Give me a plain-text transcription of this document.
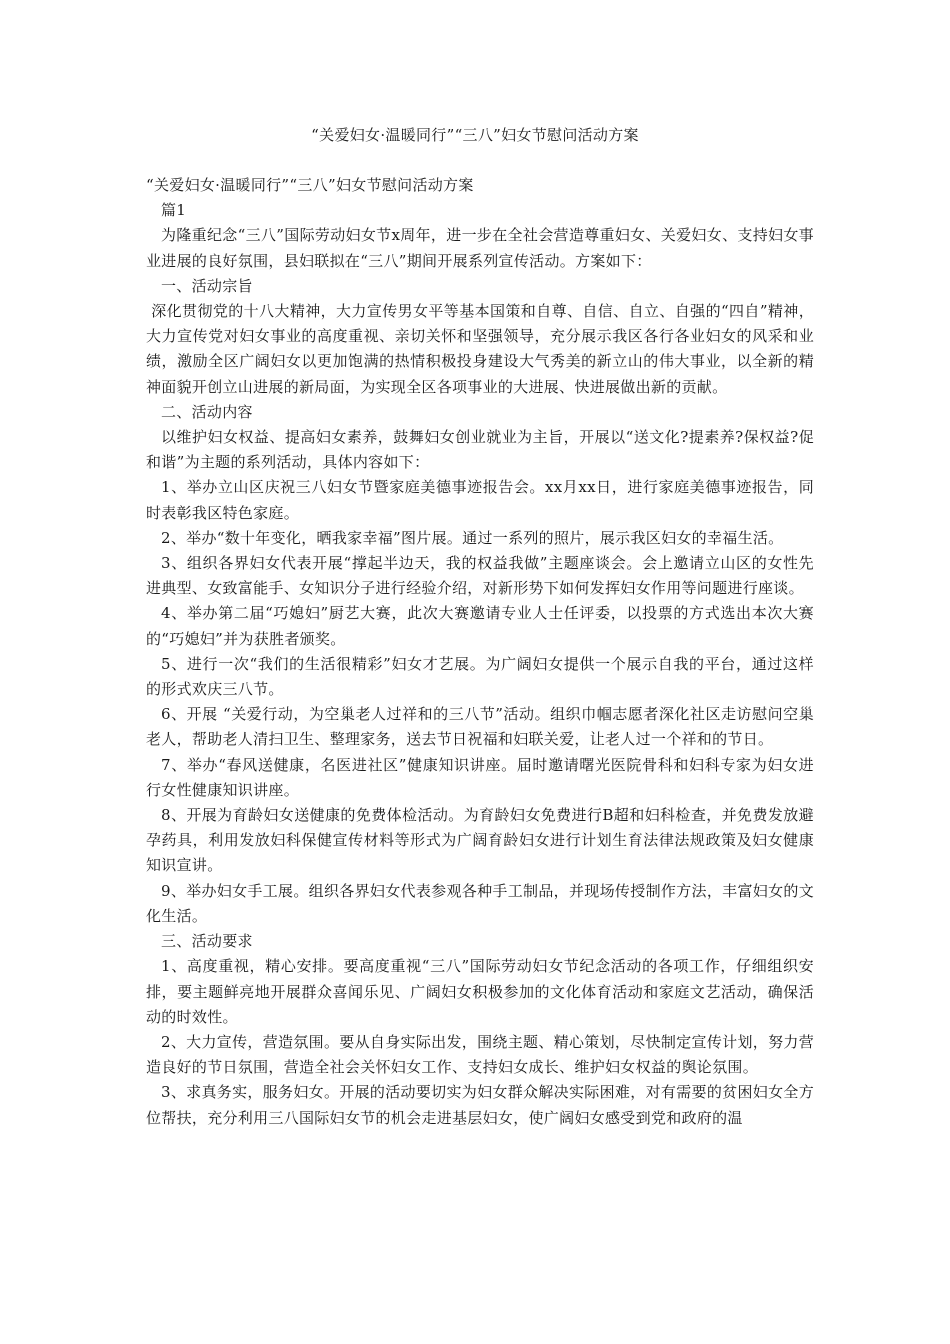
“关爱妇女·温暖同行”“三八”妇女节慰问活动方案

“关爱妇女·温暖同行”“三八”妇女节慰问活动方案

篇1

为隆重纪念“三八”国际劳动妇女节x周年，进一步在全社会营造尊重妇女、关爱妇女、支持妇女事业进展的良好氛围，县妇联拟在“三八”期间开展系列宣传活动。方案如下：

一、活动宗旨

深化贯彻党的十八大精神，大力宣传男女平等基本国策和自尊、自信、自立、自强的“四自”精神，大力宣传党对妇女事业的高度重视、亲切关怀和坚强领导，充分展示我区各行各业妇女的风采和业绩，激励全区广阔妇女以更加饱满的热情积极投身建设大气秀美的新立山的伟大事业，以全新的精神面貌开创立山进展的新局面，为实现全区各项事业的大进展、快进展做出新的贡献。

二、活动内容

以维护妇女权益、提高妇女素养，鼓舞妇女创业就业为主旨，开展以“送文化?提素养?保权益?促和谐”为主题的系列活动，具体内容如下：

1、举办立山区庆祝三八妇女节暨家庭美德事迹报告会。xx月xx日，进行家庭美德事迹报告，同时表彰我区特色家庭。

2、举办“数十年变化，晒我家幸福”图片展。通过一系列的照片，展示我区妇女的幸福生活。

3、组织各界妇女代表开展“撑起半边天，我的权益我做”主题座谈会。会上邀请立山区的女性先进典型、女致富能手、女知识分子进行经验介绍，对新形势下如何发挥妇女作用等问题进行座谈。

4、举办第二届“巧媳妇”厨艺大赛，此次大赛邀请专业人士任评委，以投票的方式选出本次大赛的“巧媳妇”并为获胜者颁奖。

5、进行一次“我们的生活很精彩”妇女才艺展。为广阔妇女提供一个展示自我的平台，通过这样的形式欢庆三八节。

6、开展 “关爱行动，为空巢老人过祥和的三八节”活动。组织巾帼志愿者深化社区走访慰问空巢老人，帮助老人清扫卫生、整理家务，送去节日祝福和妇联关爱，让老人过一个祥和的节日。

7、举办“春风送健康，名医进社区”健康知识讲座。届时邀请曙光医院骨科和妇科专家为妇女进行女性健康知识讲座。

8、开展为育龄妇女送健康的免费体检活动。为育龄妇女免费进行B超和妇科检查，并免费发放避孕药具，利用发放妇科保健宣传材料等形式为广阔育龄妇女进行计划生育法律法规政策及妇女健康知识宣讲。

9、举办妇女手工展。组织各界妇女代表参观各种手工制品，并现场传授制作方法，丰富妇女的文化生活。

三、活动要求

1、高度重视，精心安排。要高度重视“三八”国际劳动妇女节纪念活动的各项工作，仔细组织安排，要主题鲜亮地开展群众喜闻乐见、广阔妇女积极参加的文化体育活动和家庭文艺活动，确保活动的时效性。

2、大力宣传，营造氛围。要从自身实际出发，围绕主题、精心策划，尽快制定宣传计划，努力营造良好的节日氛围，营造全社会关怀妇女工作、支持妇女成长、维护妇女权益的舆论氛围。

3、求真务实，服务妇女。开展的活动要切实为妇女群众解决实际困难，对有需要的贫困妇女全方位帮扶，充分利用三八国际妇女节的机会走进基层妇女，使广阔妇女感受到党和政府的温
